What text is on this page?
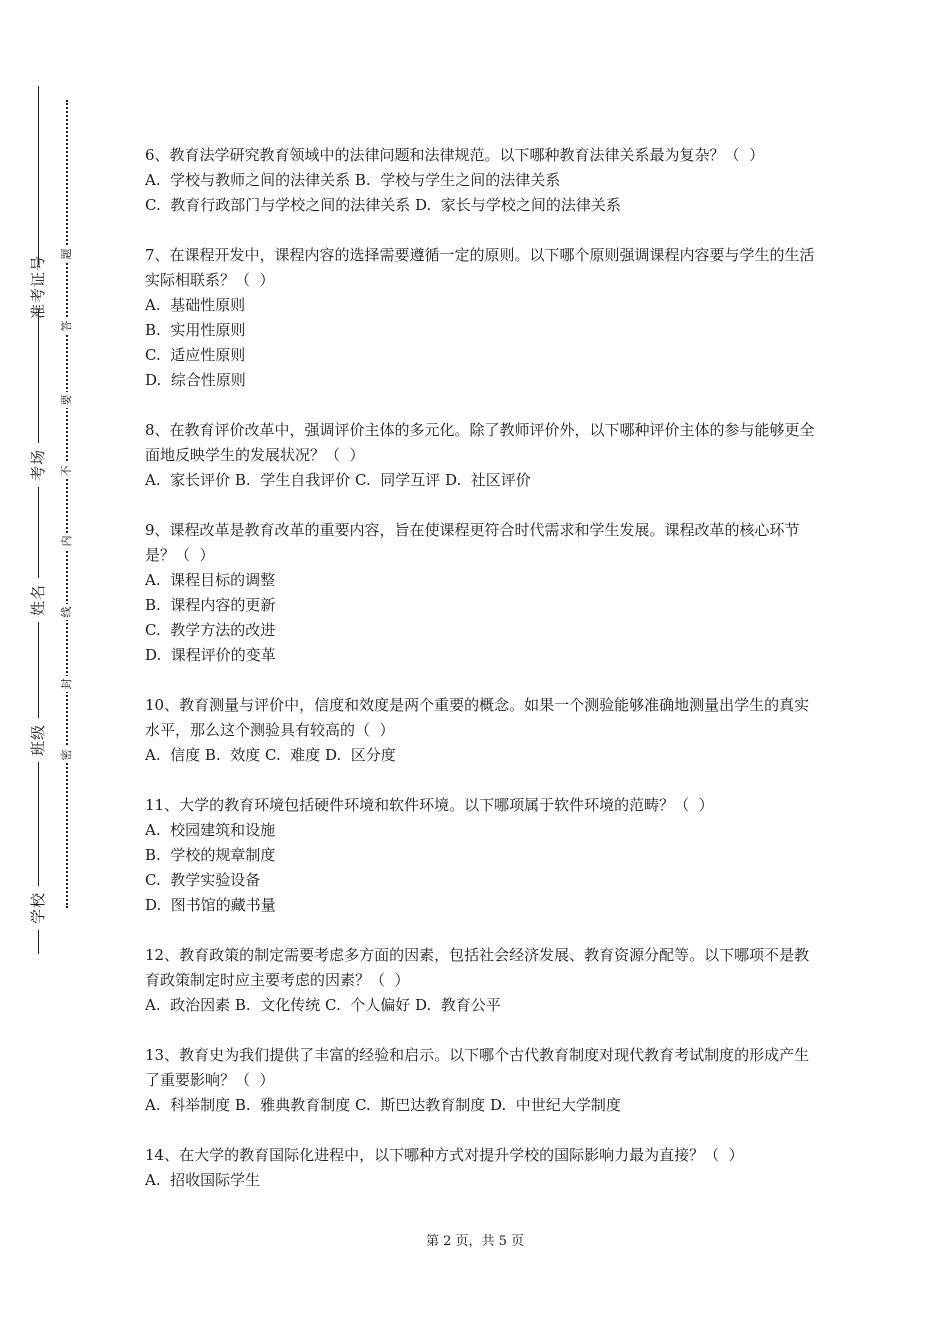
准考证号
考场
姓名
班级
学校
题
答
要
不
内
线
封
密
6、教育法学研究教育领域中的法律问题和法律规范。以下哪种教育法律关系最为复杂？（  ）
A.  学校与教师之间的法律关系 B.  学校与学生之间的法律关系
C.  教育行政部门与学校之间的法律关系 D.  家长与学校之间的法律关系
7、在课程开发中，课程内容的选择需要遵循一定的原则。以下哪个原则强调课程内容要与学生的生活实际相联系？（  ）
A.  基础性原则
B.  实用性原则
C.  适应性原则
D.  综合性原则
8、在教育评价改革中，强调评价主体的多元化。除了教师评价外，以下哪种评价主体的参与能够更全面地反映学生的发展状况？（  ）
A.  家长评价 B.  学生自我评价 C.  同学互评 D.  社区评价
9、课程改革是教育改革的重要内容，旨在使课程更符合时代需求和学生发展。课程改革的核心环节是？（  ）
A.  课程目标的调整
B.  课程内容的更新
C.  教学方法的改进
D.  课程评价的变革
10、教育测量与评价中，信度和效度是两个重要的概念。如果一个测验能够准确地测量出学生的真实水平，那么这个测验具有较高的（  ）
A.  信度 B.  效度 C.  难度 D.  区分度
11、大学的教育环境包括硬件环境和软件环境。以下哪项属于软件环境的范畴？（  ）
A.  校园建筑和设施
B.  学校的规章制度
C.  教学实验设备
D.  图书馆的藏书量
12、教育政策的制定需要考虑多方面的因素，包括社会经济发展、教育资源分配等。以下哪项不是教育政策制定时应主要考虑的因素？（  ）
A.  政治因素 B.  文化传统 C.  个人偏好 D.  教育公平
13、教育史为我们提供了丰富的经验和启示。以下哪个古代教育制度对现代教育考试制度的形成产生了重要影响？（  ）
A.  科举制度 B.  雅典教育制度 C.  斯巴达教育制度 D.  中世纪大学制度
14、在大学的教育国际化进程中，以下哪种方式对提升学校的国际影响力最为直接？（  ）
A.  招收国际学生
第 2 页，共 5 页
